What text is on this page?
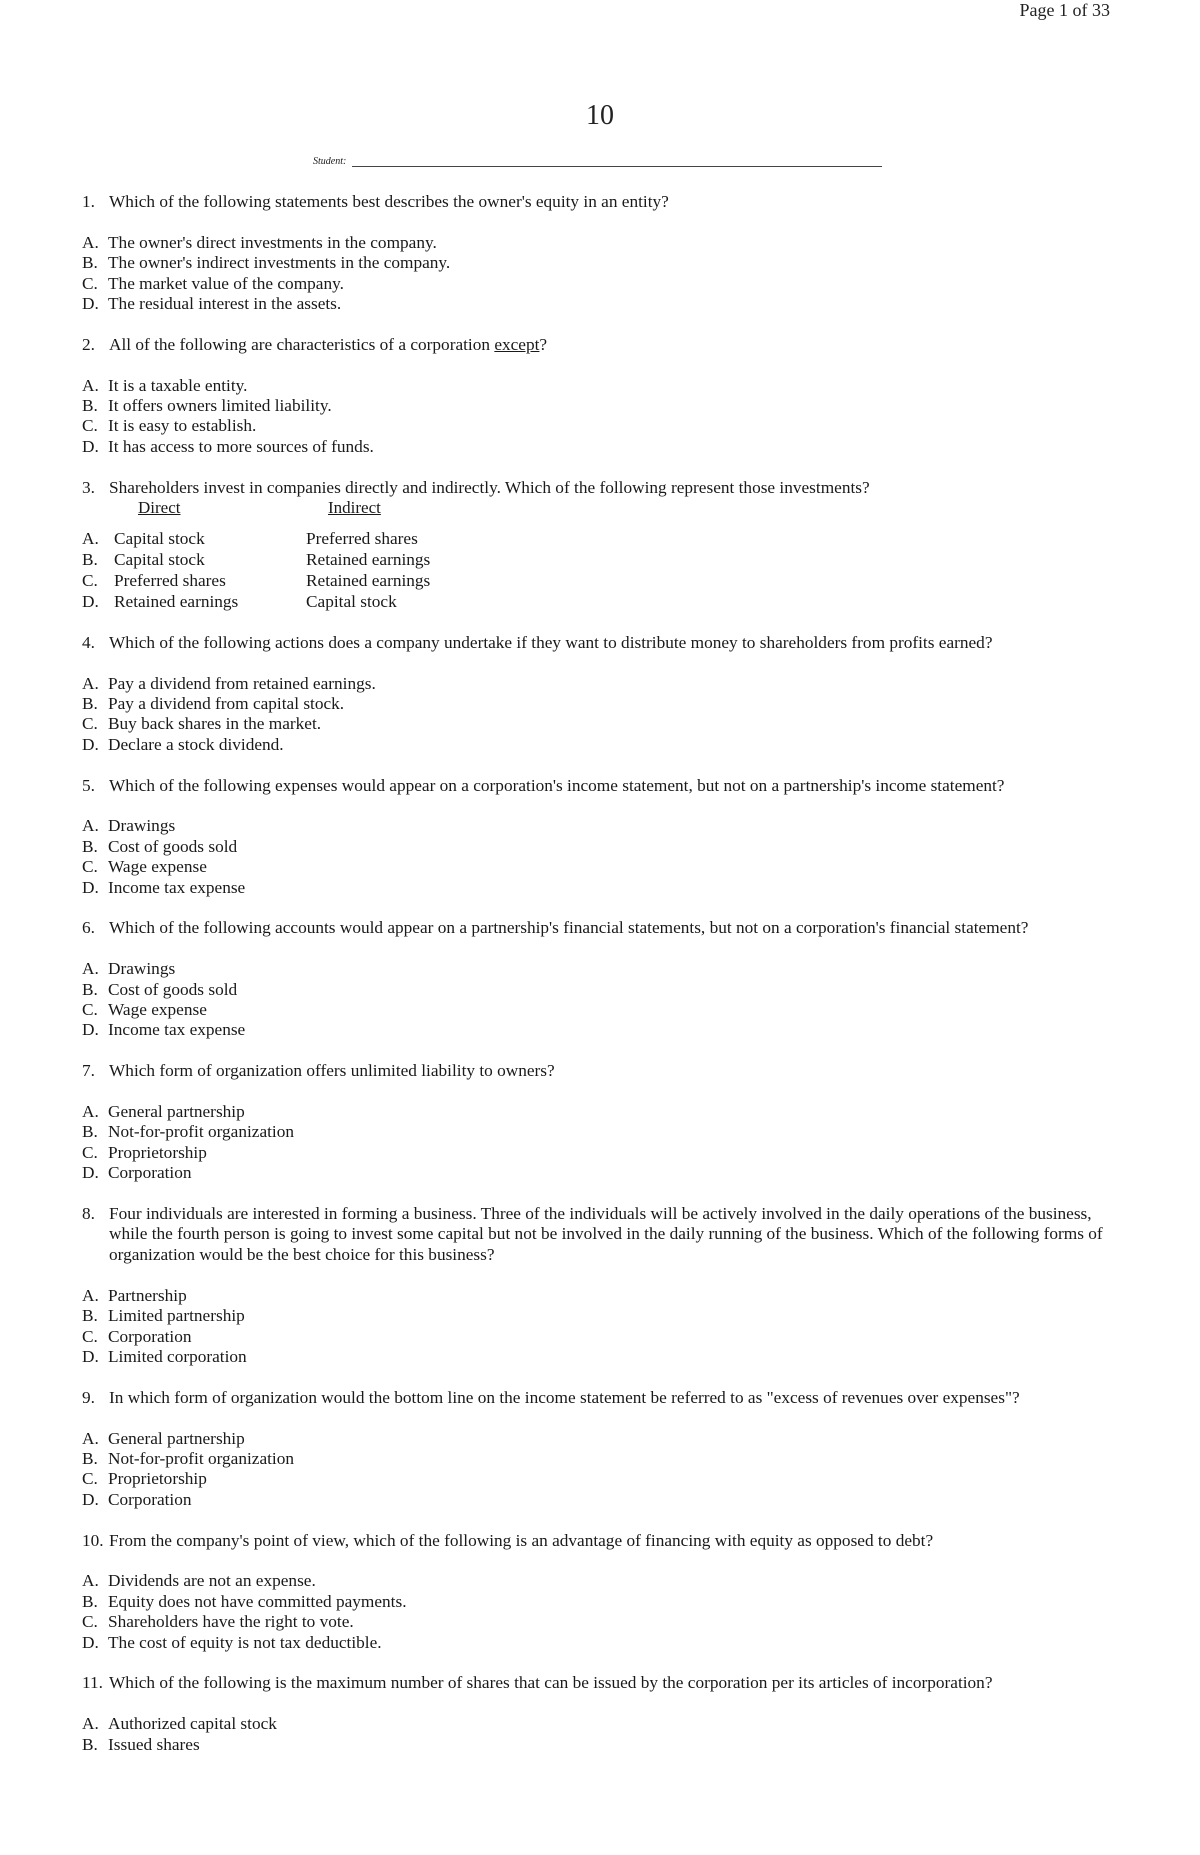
Page 1 of 33
10
Student:
1. Which of the following statements best describes the owner's equity in an entity?
A. The owner's direct investments in the company.
B. The owner's indirect investments in the company.
C. The market value of the company.
D. The residual interest in the assets.
2. All of the following are characteristics of a corporation except?
A. It is a taxable entity.
B. It offers owners limited liability.
C. It is easy to establish.
D. It has access to more sources of funds.
3. Shareholders invest in companies directly and indirectly. Which of the following represent those investments?
Direct	Indirect
A. Capital stock	Preferred shares
B. Capital stock	Retained earnings
C. Preferred shares	Retained earnings
D. Retained earnings	Capital stock
4. Which of the following actions does a company undertake if they want to distribute money to shareholders from profits earned?
A. Pay a dividend from retained earnings.
B. Pay a dividend from capital stock.
C. Buy back shares in the market.
D. Declare a stock dividend.
5. Which of the following expenses would appear on a corporation's income statement, but not on a partnership's income statement?
A. Drawings
B. Cost of goods sold
C. Wage expense
D. Income tax expense
6. Which of the following accounts would appear on a partnership's financial statements, but not on a corporation's financial statement?
A. Drawings
B. Cost of goods sold
C. Wage expense
D. Income tax expense
7. Which form of organization offers unlimited liability to owners?
A. General partnership
B. Not-for-profit organization
C. Proprietorship
D. Corporation
8. Four individuals are interested in forming a business. Three of the individuals will be actively involved in the daily operations of the business, while the fourth person is going to invest some capital but not be involved in the daily running of the business. Which of the following forms of organization would be the best choice for this business?
A. Partnership
B. Limited partnership
C. Corporation
D. Limited corporation
9. In which form of organization would the bottom line on the income statement be referred to as "excess of revenues over expenses"?
A. General partnership
B. Not-for-profit organization
C. Proprietorship
D. Corporation
10. From the company's point of view, which of the following is an advantage of financing with equity as opposed to debt?
A. Dividends are not an expense.
B. Equity does not have committed payments.
C. Shareholders have the right to vote.
D. The cost of equity is not tax deductible.
11. Which of the following is the maximum number of shares that can be issued by the corporation per its articles of incorporation?
A. Authorized capital stock
B. Issued shares
